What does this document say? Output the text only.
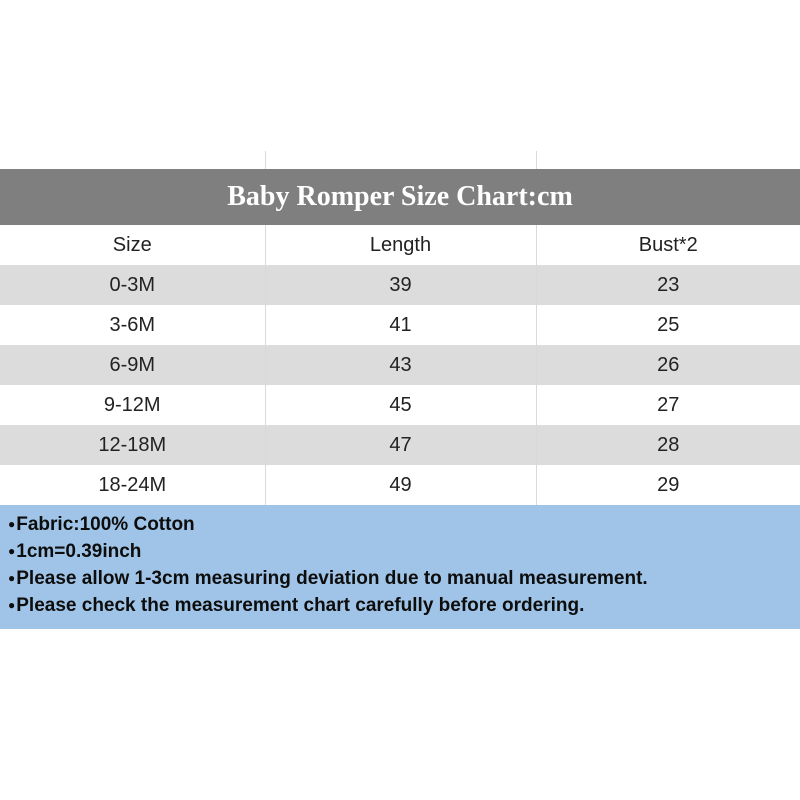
Baby Romper Size Chart:cm		
Size	Length	Bust*2
0-3M	39	23
3-6M	41	25
6-9M	43	26
9-12M	45	27
12-18M	47	28
18-24M	49	29
●Fabric:100% Cotton
●1cm=0.39inch
●Please allow 1-3cm measuring deviation due to manual measurement.
●Please check the measurement chart carefully before ordering.
